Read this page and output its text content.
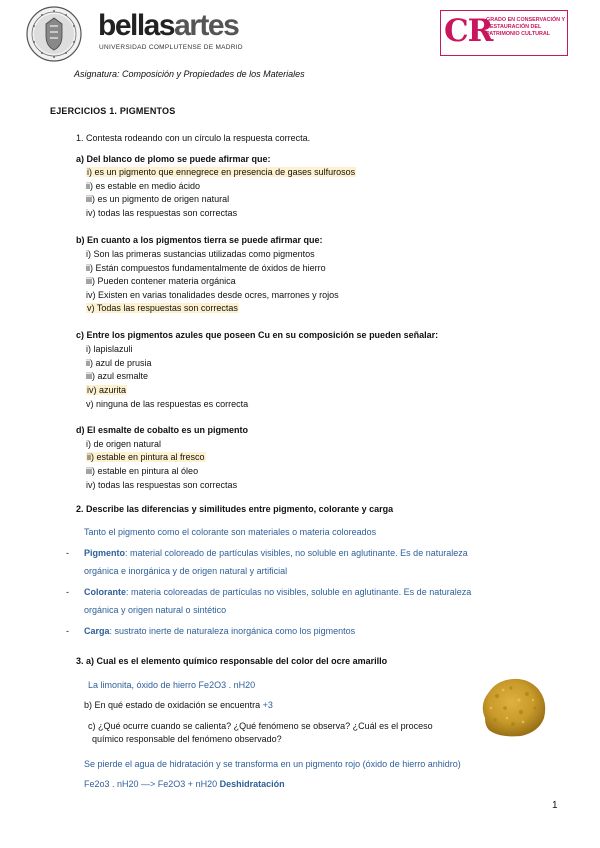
bellasartes
UNIVERSIDAD COMPLUTENSE DE MADRID	CR
GRADO EN CONSERVACIÓN Y RESTAURACIÓN DEL PATRIMONIO CULTURAL
Asignatura: Composición y Propiedades de los Materiales
EJERCICIOS 1. PIGMENTOS
1. Contesta rodeando con un círculo la respuesta correcta.
a) Del blanco de plomo se puede afirmar que:
i) es un pigmento que ennegrece en presencia de gases sulfurosos
ii) es estable en medio ácido
iii) es un pigmento de origen natural
iv) todas las respuestas son correctas
b) En cuanto a los pigmentos tierra se puede afirmar que:
i) Son las primeras sustancias utilizadas como pigmentos
ii) Están compuestos fundamentalmente de óxidos de hierro
iii) Pueden contener materia orgánica
iv) Existen en varias tonalidades desde ocres, marrones y rojos
v) Todas las respuestas son correctas
c) Entre los pigmentos azules que poseen Cu en su composición se pueden señalar:
i) lapislazuli
ii) azul de prusia
iii) azul esmalte
iv) azurita
v) ninguna de las respuestas es correcta
d) El esmalte de cobalto es un pigmento
i) de origen natural
ii) estable en pintura al fresco
iii) estable en pintura al óleo
iv) todas las respuestas son correctas
2. Describe las diferencias y similitudes entre pigmento, colorante y carga
Tanto el pigmento como el colorante son materiales o materia coloreados
- Pigmento: material coloreado de partículas visibles, no soluble en aglutinante. Es de naturaleza
orgánica e inorgánica y de origen natural y artificial
- Colorante: materia coloreadas de partículas no visibles, soluble en aglutinante. Es de naturaleza
orgánica y origen natural o sintético
- Carga: sustrato inerte de naturaleza inorgánica como los pigmentos
3. a) Cual es el elemento químico responsable del color del ocre amarillo
La limonita, óxido de hierro Fe2O3 . nH20
b) En qué estado de oxidación se encuentra +3
c) ¿Qué ocurre cuando se calienta? ¿Qué fenómeno se observa? ¿Cuál es el proceso
químico responsable del fenómeno observado?
Se pierde el agua de hidratación y se transforma en un pigmento rojo (óxido de hierro anhidro)
Fe2o3 . nH20 —> Fe2O3 + nH20 Deshidratación
1
